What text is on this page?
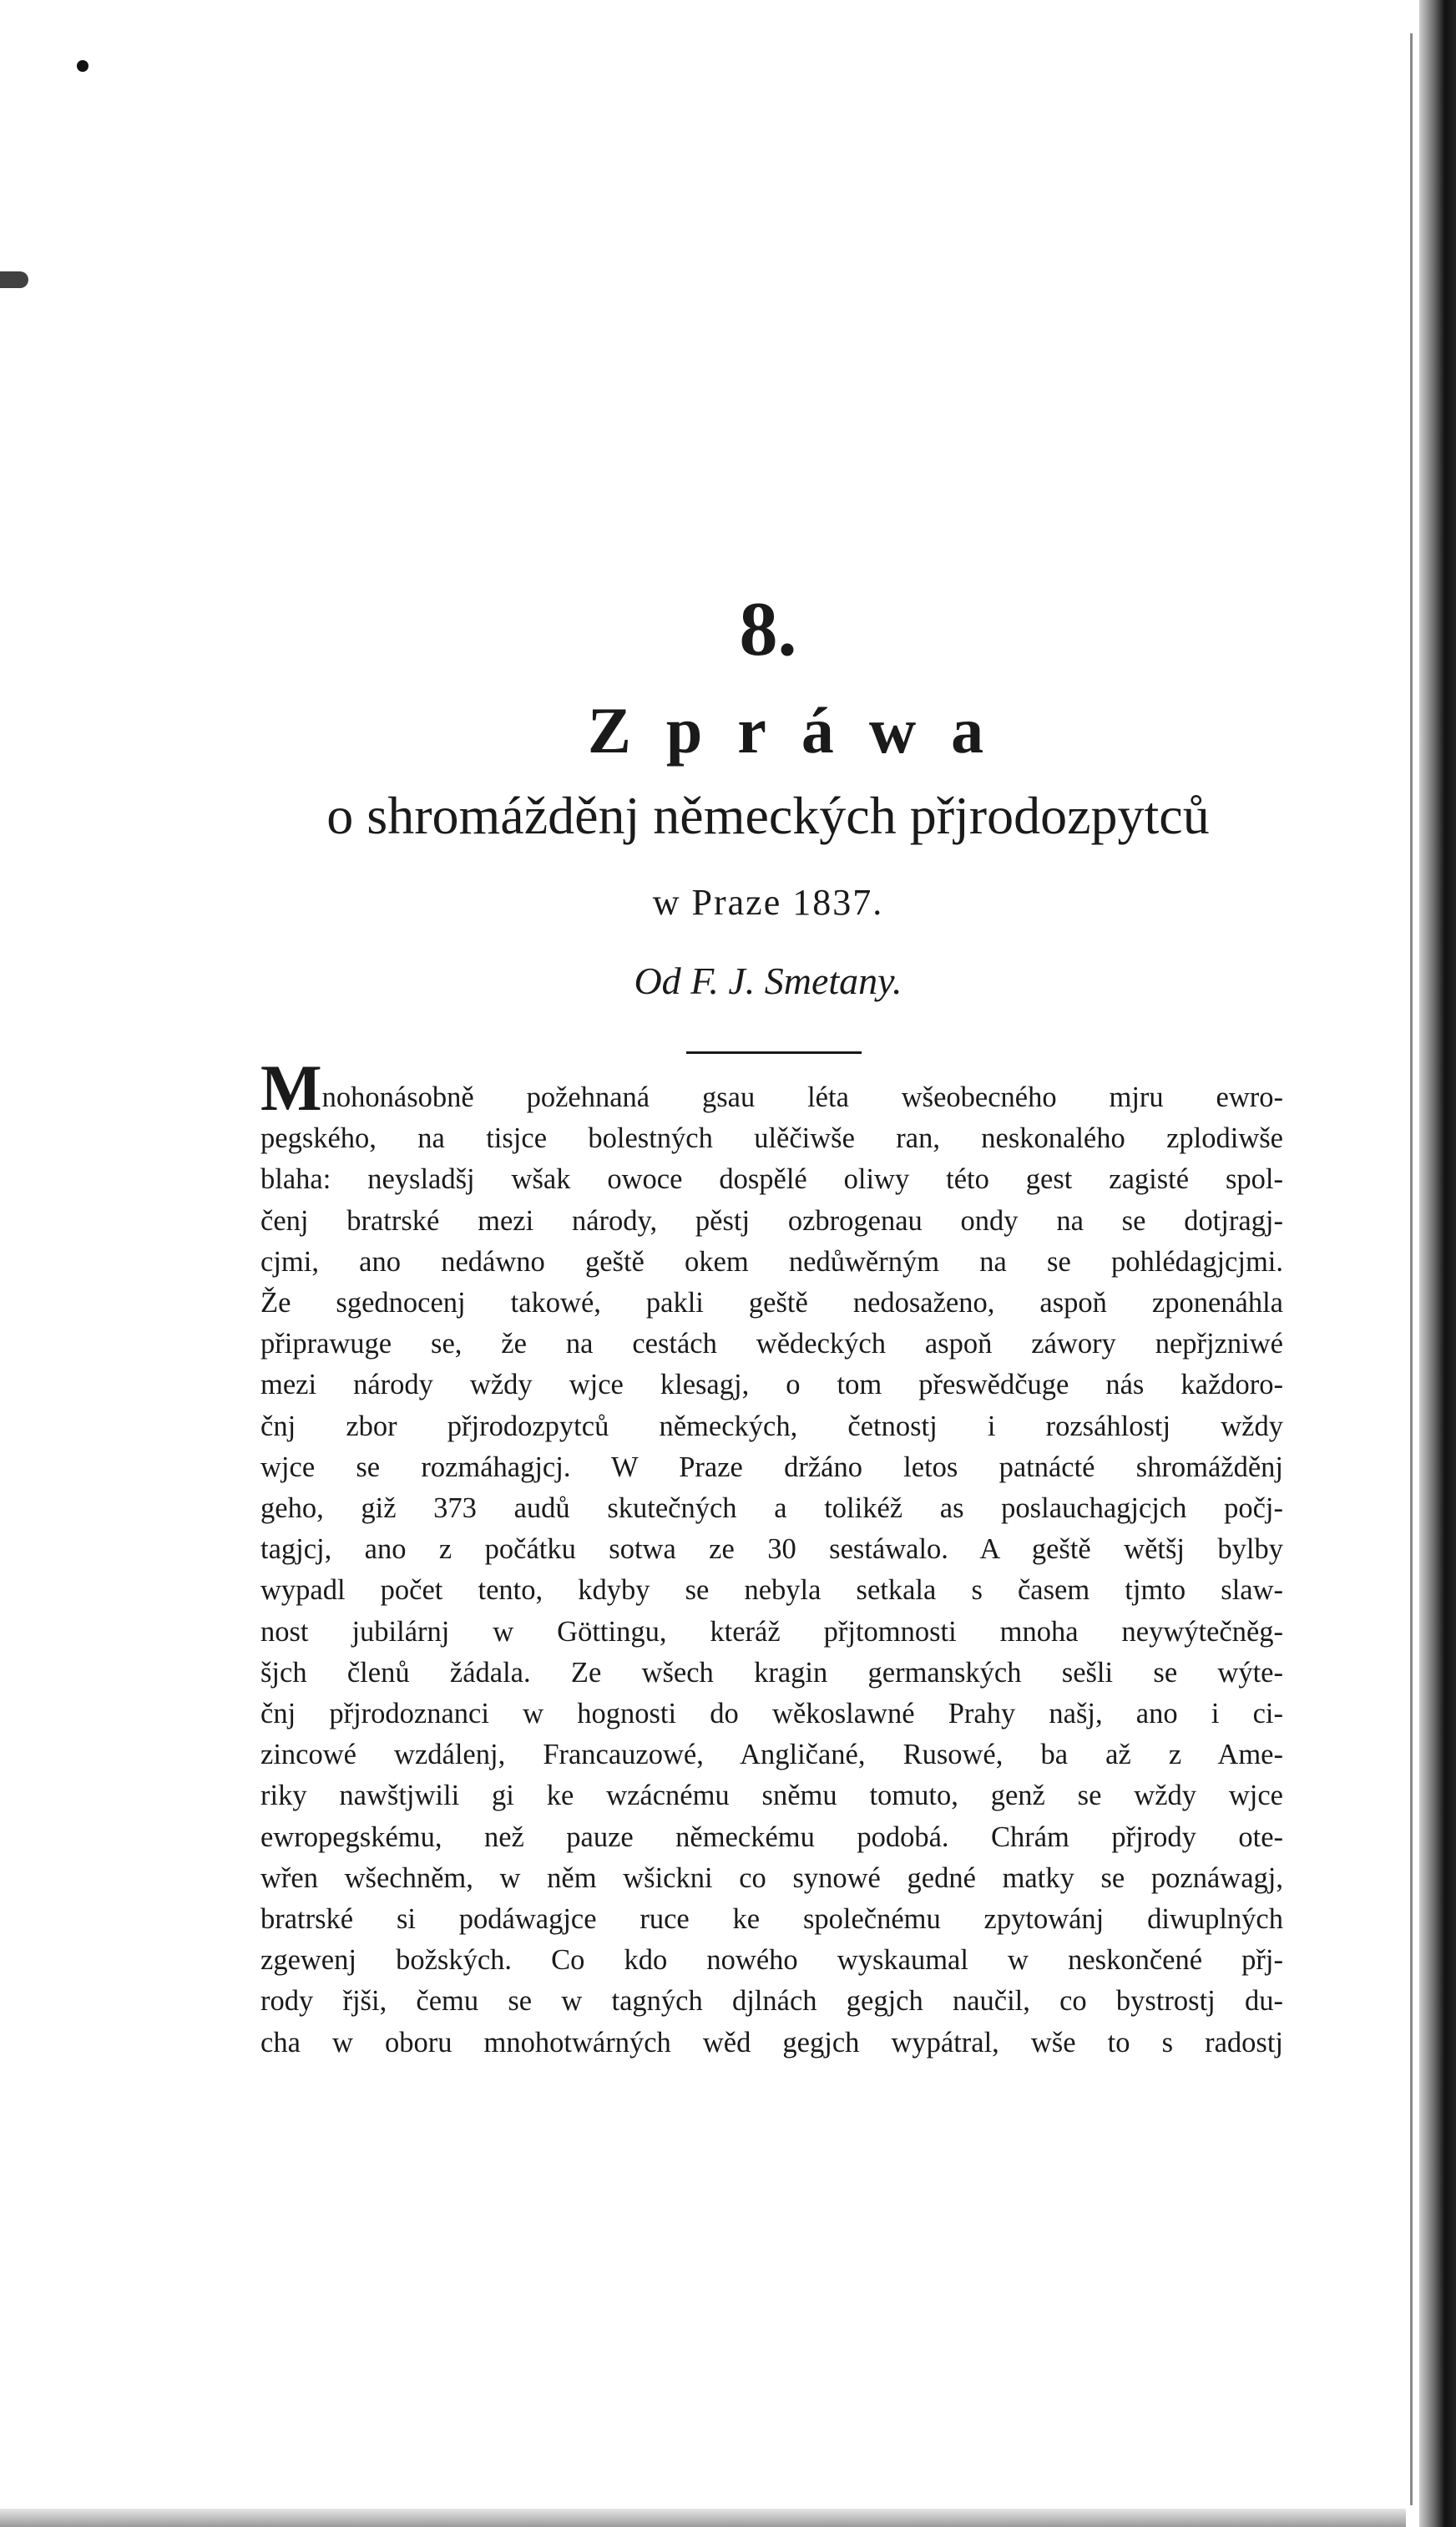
8.
Zpráwa
o shromážděnj německých přjrodozpytců
w Praze 1837.
Od F. J. Smetany.
Mnohonásobně požehnaná gsau léta wšeobecného mjru ewro-
pegského, na tisjce bolestných ulěčiwše ran, neskonalého zplodiwše
blaha: neysladšj wšak owoce dospělé oliwy této gest zagisté spol-
čenj bratrské mezi národy, pěstj ozbrogenau ondy na se dotjragj-
cjmi, ano nedáwno geště okem nedůwěrným na se pohlédagjcjmi.
Že sgednocenj takowé, pakli geště nedosaženo, aspoň zponenáhla
připrawuge se, že na cestách wědeckých aspoň záwory nepřjzniwé
mezi národy wždy wjce klesagj, o tom přeswědčuge nás každoro-
čnj zbor přjrodozpytců německých, četnostj i rozsáhlostj wždy
wjce se rozmáhagjcj. W Praze držáno letos patnácté shromážděnj
geho, giž 373 audů skutečných a tolikéž as poslauchagjcjch počj-
tagjcj, ano z počátku sotwa ze 30 sestáwalo. A geště wětšj bylby
wypadl počet tento, kdyby se nebyla setkala s časem tjmto slaw-
nost jubilárnj w Göttingu, kteráž přjtomnosti mnoha neywýtečněg-
šjch členů žádala. Ze wšech kragin germanských sešli se wýte-
čnj přjrodoznanci w hognosti do wěkoslawné Prahy našj, ano i ci-
zincowé wzdálenj, Francauzowé, Angličané, Rusowé, ba až z Ame-
riky nawštjwili gi ke wzácnému sněmu tomuto, genž se wždy wjce
ewropegskému, než pauze německému podobá. Chrám přjrody ote-
wřen wšechněm, w něm wšickni co synowé gedné matky se poznáwagj,
bratrské si podáwagjce ruce ke společnému zpytowánj diwuplných
zgewenj božských. Co kdo nowého wyskaumal w neskončené přj-
rody řjši, čemu se w tagných djlnách gegjch naučil, co bystrostj du-
cha w oboru mnohotwárných wěd gegjch wypátral, wše to s radostj
